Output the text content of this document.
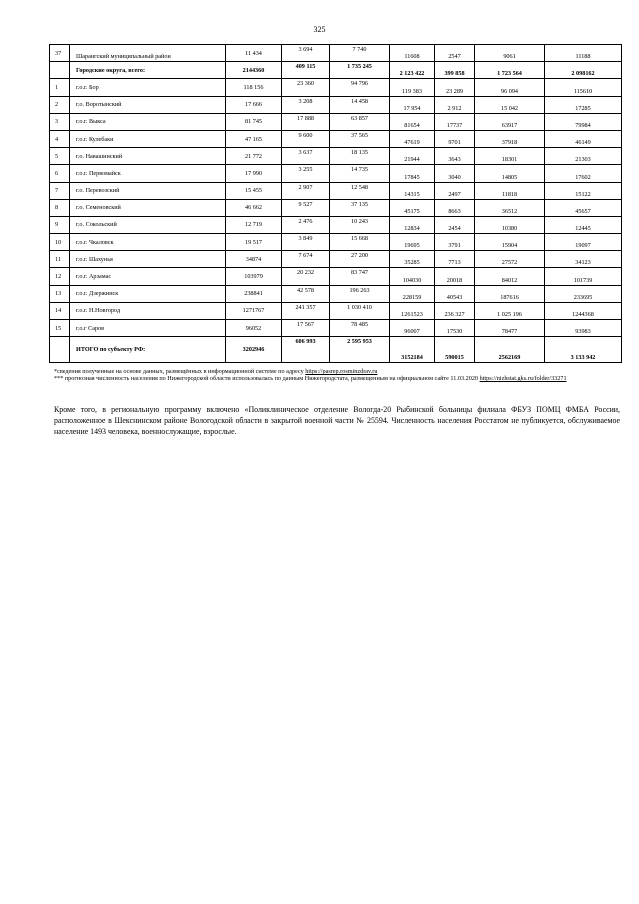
325
37	Шарангский муниципальный район	11 434	3 694	7 740	11608	2547	9061	11188
	Городские округа, всего:	2144360	409 115	1 735 245	2 123 422	399 858	1 723 564	2 098162
1	г.о.г. Бор	118 156	23 360	94 796	119 383	23 289	96 094	115610
2	г.о. Воротынский	17 666	3 208	14 458	17 954	2 912	15 042	17285
3	г.о.г. Выкса	81 745	17 888	63 857	81654	17737	63917	79984
4	г.о.г. Кулебаки	47 165	9 600	37 565	47619	9701	37918	46149
5	г.о. Навашинский	21 772	3 637	18 135	21944	3643	18301	21303
6	г.о.г. Первомайск	17 990	3 255	14 735	17845	3040	14805	17602
7	г.о. Перевозский	15 455	2 907	12 548	14315	2497	11818	15122
8	г.о. Семеновский	46 662	9 527	37 135	45175	8663	36512	45657
9	г.о. Сокольский	12 719	2 476	10 243	12834	2454	10380	12445
10	г.о.г. Чкаловск	19 517	3 849	15 668	19695	3791	15904	19097
11	г.о.г. Шахунья	34874	7 674	27 200	35285	7713	27572	34123
12	г.о.г. Арзамас	103979	20 232	83 747	104030	20018	84012	101739
13	г.о.г. Дзержинск	238841	42 578	196 263	228159	40543	187616	233695
14	г.о.г. Н.Новгород	1271767	241 357	1 030 410	1261523	236 327	1 025 196	1244368
15	г.о.г Саров	96052	17 567	78 485	96007	17530	78477	93983
	ИТОГО по субъекту РФ:	3202946	606 993	2 595 953	3152184	590015	2562169	3 133 942

*сведения полученные на основе данных, размещённых в информационной системе по адресу https://pasrep.rosminzdrav.ru

*** прогнозная численность населения по Нижегородской области использовалась по данным Нижегородстата, размещенным на официальном сайте 11.03.2020 https://nizhstat.gks.ru/folder/33271

Кроме того, в региональную программу включено «Поликлиническое отделение Вологда-20 Рыбинской больницы филиала ФБУЗ ПОМЦ ФМБА России, расположенное в Шекснинском районе Вологодской области в закрытой военной части № 25594. Численность населения Росстатом не публикуется, обслуживаемое население 1493 человека, военнослужащие, взрослые.
